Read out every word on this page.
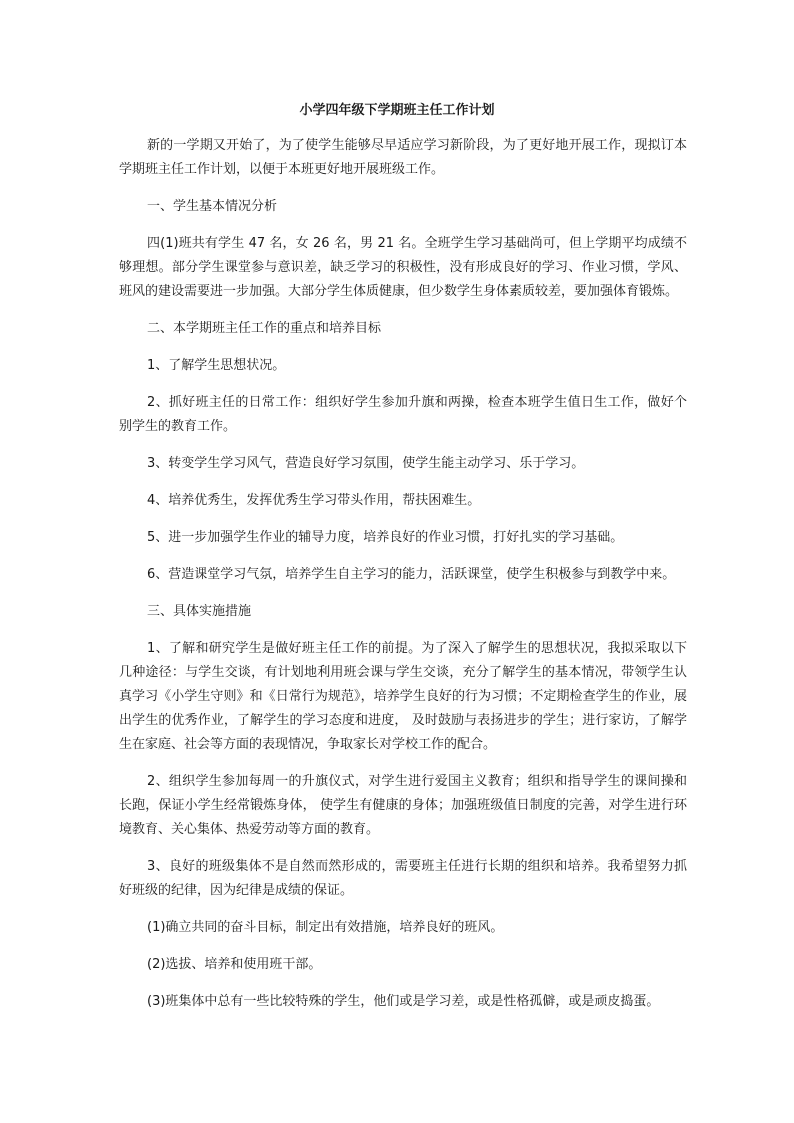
小学四年级下学期班主任工作计划

新的一学期又开始了，为了使学生能够尽早适应学习新阶段，为了更好地开展工作，现拟订本学期班主任工作计划，以便于本班更好地开展班级工作。

一、学生基本情况分析

四(1)班共有学生 47 名，女 26 名，男 21 名。全班学生学习基础尚可，但上学期平均成绩不够理想。部分学生课堂参与意识差，缺乏学习的积极性，没有形成良好的学习、作业习惯，学风、班风的建设需要进一步加强。大部分学生体质健康，但少数学生身体素质较差，要加强体育锻炼。

二、本学期班主任工作的重点和培养目标

1、了解学生思想状况。

2、抓好班主任的日常工作：组织好学生参加升旗和两操，检查本班学生值日生工作，做好个别学生的教育工作。

3、转变学生学习风气，营造良好学习氛围，使学生能主动学习、乐于学习。

4、培养优秀生，发挥优秀生学习带头作用，帮扶困难生。

5、进一步加强学生作业的辅导力度，培养良好的作业习惯，打好扎实的学习基础。

6、营造课堂学习气氛，培养学生自主学习的能力，活跃课堂，使学生积极参与到教学中来。

三、具体实施措施

1、了解和研究学生是做好班主任工作的前提。为了深入了解学生的思想状况，我拟采取以下几种途径：与学生交谈，有计划地利用班会课与学生交谈，充分了解学生的基本情况，带领学生认真学习《小学生守则》和《日常行为规范》，培养学生良好的行为习惯；不定期检查学生的作业，展出学生的优秀作业，了解学生的学习态度和进度， 及时鼓励与表扬进步的学生；进行家访，了解学生在家庭、社会等方面的表现情况，争取家长对学校工作的配合。

2、组织学生参加每周一的升旗仪式，对学生进行爱国主义教育；组织和指导学生的课间操和长跑，保证小学生经常锻炼身体， 使学生有健康的身体；加强班级值日制度的完善，对学生进行环境教育、关心集体、热爱劳动等方面的教育。

3、良好的班级集体不是自然而然形成的，需要班主任进行长期的组织和培养。我希望努力抓好班级的纪律，因为纪律是成绩的保证。

(1)确立共同的奋斗目标，制定出有效措施，培养良好的班风。

(2)选拔、培养和使用班干部。

(3)班集体中总有一些比较特殊的学生，他们或是学习差，或是性格孤僻，或是顽皮捣蛋。
